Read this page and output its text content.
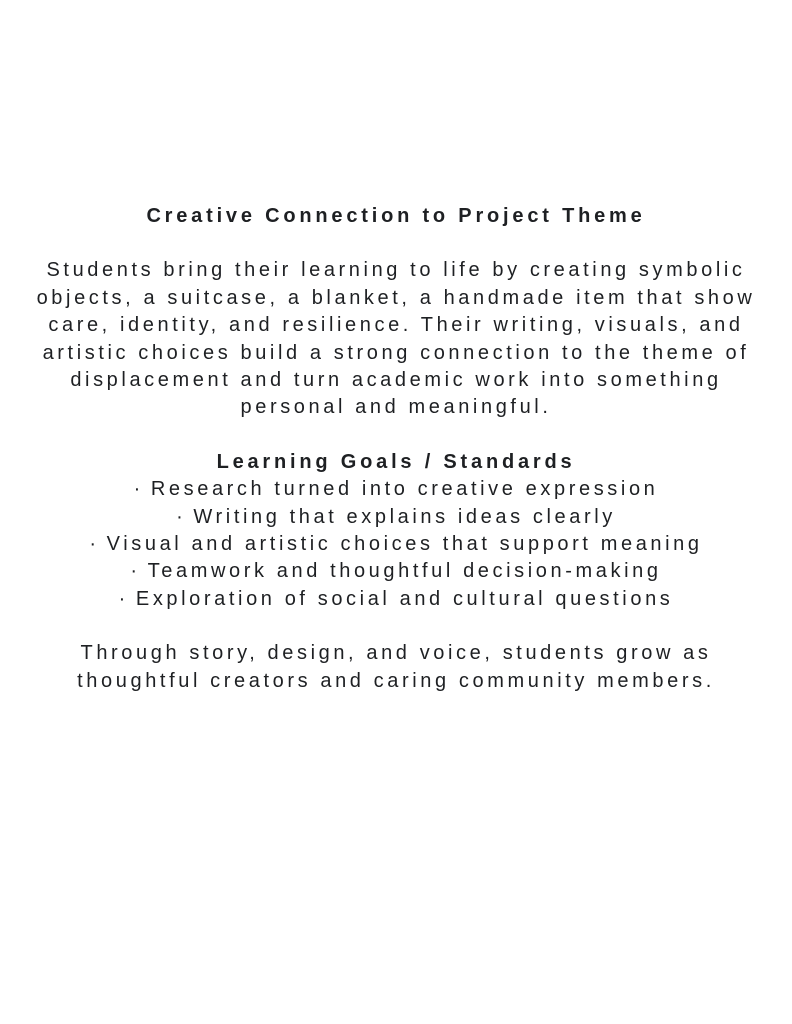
Creative Connection to Project Theme

Students bring their learning to life by creating symbolic objects, a suitcase, a blanket, a handmade item that show care, identity, and resilience. Their writing, visuals, and artistic choices build a strong connection to the theme of displacement and turn academic work into something personal and meaningful.

Learning Goals / Standards
· Research turned into creative expression
· Writing that explains ideas clearly
· Visual and artistic choices that support meaning
· Teamwork and thoughtful decision-making
· Exploration of social and cultural questions

Through story, design, and voice, students grow as thoughtful creators and caring community members.
